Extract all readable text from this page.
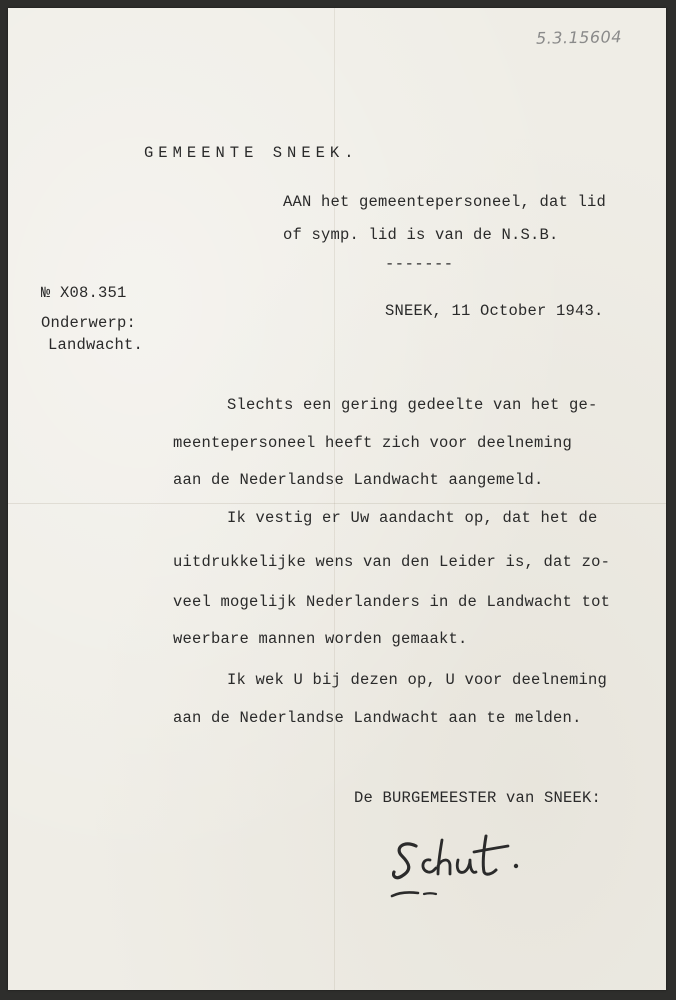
5.3.15604
GEMEENTE SNEEK.
AAN het gemeentepersoneel, dat lid
of symp. lid is van de N.S.B.
-------
№ X08.351
Onderwerp:
Landwacht.
SNEEK, 11 October 1943.
Slechts een gering gedeelte van het ge-
meentepersoneel heeft zich voor deelneming
aan de Nederlandse Landwacht aangemeld.
Ik vestig er Uw aandacht op, dat het de
uitdrukkelijke wens van den Leider is, dat zo-
veel mogelijk Nederlanders in de Landwacht tot
weerbare mannen worden gemaakt.
Ik wek U bij dezen op, U voor deelneming
aan de Nederlandse Landwacht aan te melden.
De BURGEMEESTER van SNEEK:
